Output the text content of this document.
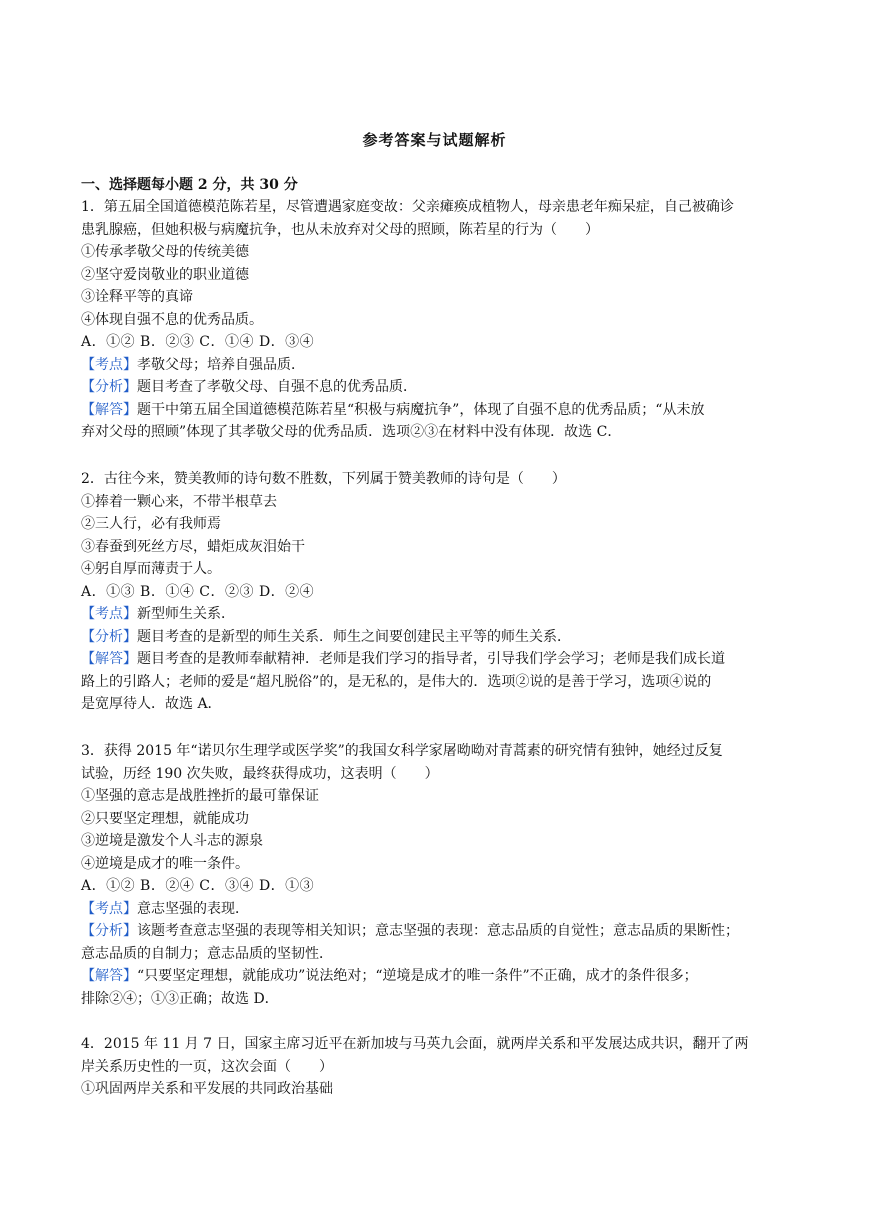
参考答案与试题解析
一、选择题每小题 2 分，共 30 分

1．第五届全国道德模范陈若星，尽管遭遇家庭变故：父亲瘫痪成植物人，母亲患老年痴呆症，自己被确诊

患乳腺癌，但她积极与病魔抗争，也从未放弃对父母的照顾，陈若星的行为（　　）

①传承孝敬父母的传统美德

②坚守爱岗敬业的职业道德

③诠释平等的真谛

④体现自强不息的优秀品质。

A．①② B．②③ C．①④ D．③④

【考点】孝敬父母；培养自强品质．

【分析】题目考查了孝敬父母、自强不息的优秀品质．

【解答】题干中第五届全国道德模范陈若星“积极与病魔抗争”，体现了自强不息的优秀品质；“从未放

弃对父母的照顾”体现了其孝敬父母的优秀品质．选项②③在材料中没有体现．故选 C．

2．古往今来，赞美教师的诗句数不胜数，下列属于赞美教师的诗句是（　　）

①捧着一颗心来，不带半根草去

②三人行，必有我师焉

③春蚕到死丝方尽，蜡炬成灰泪始干

④躬自厚而薄责于人。

A．①③ B．①④ C．②③ D．②④

【考点】新型师生关系．

【分析】题目考查的是新型的师生关系．师生之间要创建民主平等的师生关系．

【解答】题目考查的是教师奉献精神．老师是我们学习的指导者，引导我们学会学习；老师是我们成长道

路上的引路人；老师的爱是“超凡脱俗”的，是无私的，是伟大的．选项②说的是善于学习，选项④说的

是宽厚待人．故选 A．

3．获得 2015 年“诺贝尔生理学或医学奖”的我国女科学家屠呦呦对青蒿素的研究情有独钟，她经过反复

试验，历经 190 次失败，最终获得成功，这表明（　　）

①坚强的意志是战胜挫折的最可靠保证

②只要坚定理想，就能成功

③逆境是激发个人斗志的源泉

④逆境是成才的唯一条件。

A．①② B．②④ C．③④ D．①③

【考点】意志坚强的表现．

【分析】该题考查意志坚强的表现等相关知识；意志坚强的表现：意志品质的自觉性；意志品质的果断性；

意志品质的自制力；意志品质的坚韧性．

【解答】“只要坚定理想，就能成功”说法绝对；“逆境是成才的唯一条件”不正确，成才的条件很多；

排除②④；①③正确；故选 D．

4．2015 年 11 月 7 日，国家主席习近平在新加坡与马英九会面，就两岸关系和平发展达成共识，翻开了两

岸关系历史性的一页，这次会面（　　）

①巩固两岸关系和平发展的共同政治基础
